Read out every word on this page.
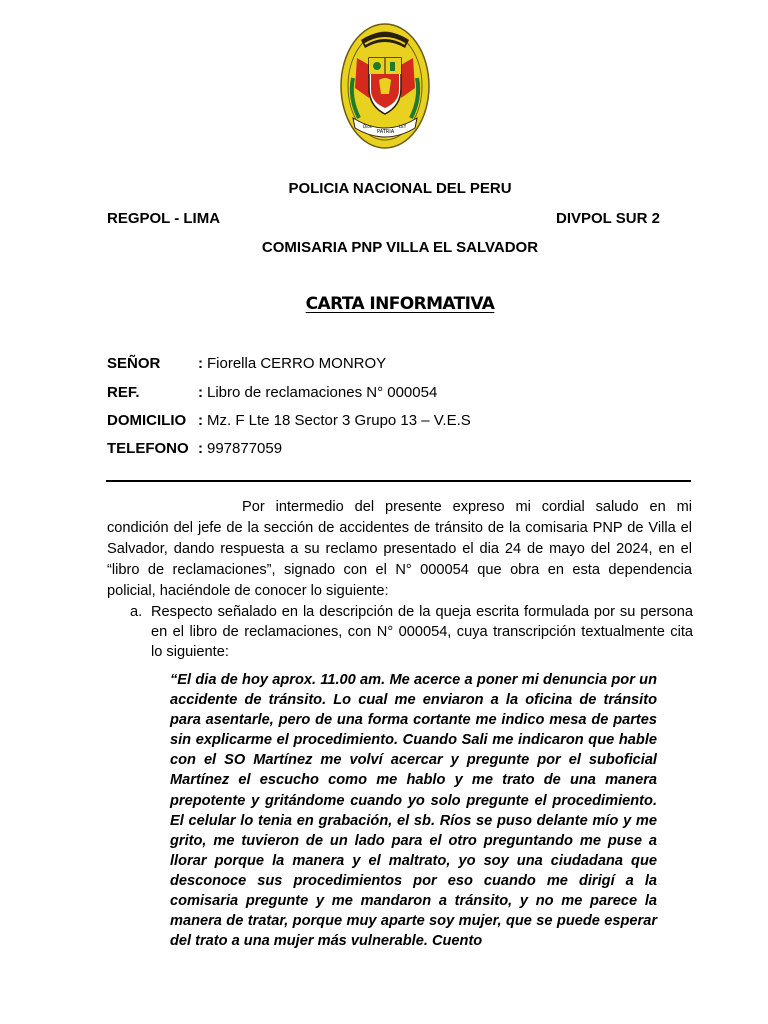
Dios
PATRIA
LEY
POLICIA NACIONAL DEL PERU
REGPOL - LIMA	DIVPOL SUR 2
COMISARIA PNP VILLA EL SALVADOR
CARTA INFORMATIVA
SEÑOR	: Fiorella CERRO MONROY
REF.	: Libro de reclamaciones N° 000054
DOMICILIO : Mz. F Lte 18 Sector 3 Grupo 13 – V.E.S
TELEFONO : 997877059
Por intermedio del presente expreso mi cordial saludo en mi condición del jefe de la sección de accidentes de tránsito de la comisaria PNP de Villa el Salvador, dando respuesta a su reclamo presentado el dia 24 de mayo del 2024, en el “libro de reclamaciones”, signado con el N° 000054 que obra en esta dependencia policial, haciéndole de conocer lo siguiente:
a. Respecto señalado en la descripción de la queja escrita formulada por su persona en el libro de reclamaciones, con N° 000054, cuya transcripción textualmente cita lo siguiente:
“El dia de hoy aprox. 11.00 am. Me acerce a poner mi denuncia por un accidente de tránsito. Lo cual me enviaron a la oficina de tránsito para asentarle, pero de una forma cortante me indico mesa de partes sin explicarme el procedimiento. Cuando Sali me indicaron que hable con el SO Martínez me volví acercar y pregunte por el suboficial Martínez el escucho como me hablo y me trato de una manera prepotente y gritándome cuando yo solo pregunte el procedimiento. El celular lo tenia en grabación, el sb. Ríos se puso delante mío y me grito, me tuvieron de un lado para el otro preguntando me puse a llorar porque la manera y el maltrato, yo soy una ciudadana que desconoce sus procedimientos por eso cuando me dirigí a la comisaria pregunte y me mandaron a tránsito, y no me parece la manera de tratar, porque muy aparte soy mujer, que se puede esperar del trato a una mujer más vulnerable. Cuento
